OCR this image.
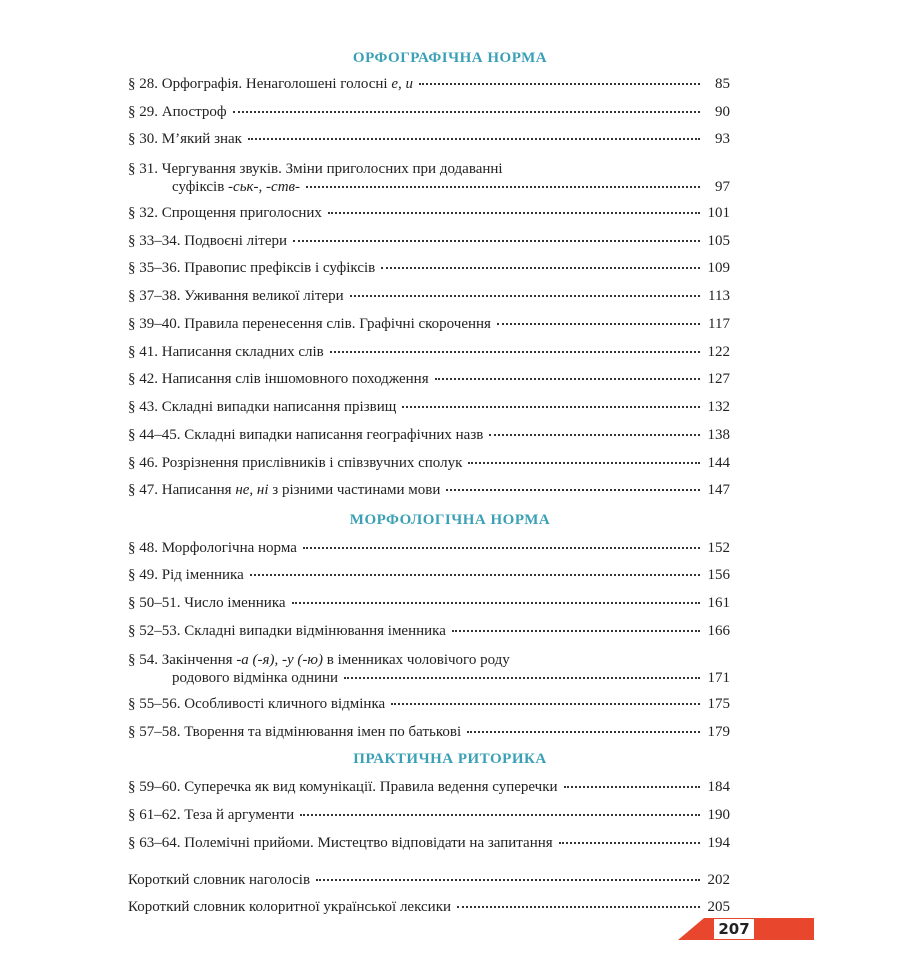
ОРФОГРАФІЧНА НОРМА
§ 28. Орфографія. Ненаголошені голосні е, и	85
§ 29. Апостроф	90
§ 30. М’який знак	93
§ 31. Чергування звуків. Зміни приголосних при додаванні
суфіксів -ськ-, -ств-	97
§ 32. Спрощення приголосних	101
§ 33–34. Подвоєні літери	105
§ 35–36. Правопис префіксів і суфіксів	109
§ 37–38. Уживання великої літери	113
§ 39–40. Правила перенесення слів. Графічні скорочення	117
§ 41. Написання складних слів	122
§ 42. Написання слів іншомовного походження	127
§ 43. Складні випадки написання прізвищ	132
§ 44–45. Складні випадки написання географічних назв	138
§ 46. Розрізнення прислівників і співзвучних сполук	144
§ 47. Написання не, ні з різними частинами мови	147
МОРФОЛОГІЧНА НОРМА
§ 48. Морфологічна норма	152
§ 49. Рід іменника	156
§ 50–51. Число іменника	161
§ 52–53. Складні випадки відмінювання іменника	166
§ 54. Закінчення -а (-я), -у (-ю) в іменниках чоловічого роду
родового відмінка однини	171
§ 55–56. Особливості кличного відмінка	175
§ 57–58. Творення та відмінювання імен по батькові	179
ПРАКТИЧНА РИТОРИКА
§ 59–60. Суперечка як вид комунікації. Правила ведення суперечки	184
§ 61–62. Теза й аргументи	190
§ 63–64. Полемічні прийоми. Мистецтво відповідати на запитання	194
Короткий словник наголосів	202
Короткий словник колоритної української лексики	205
207
